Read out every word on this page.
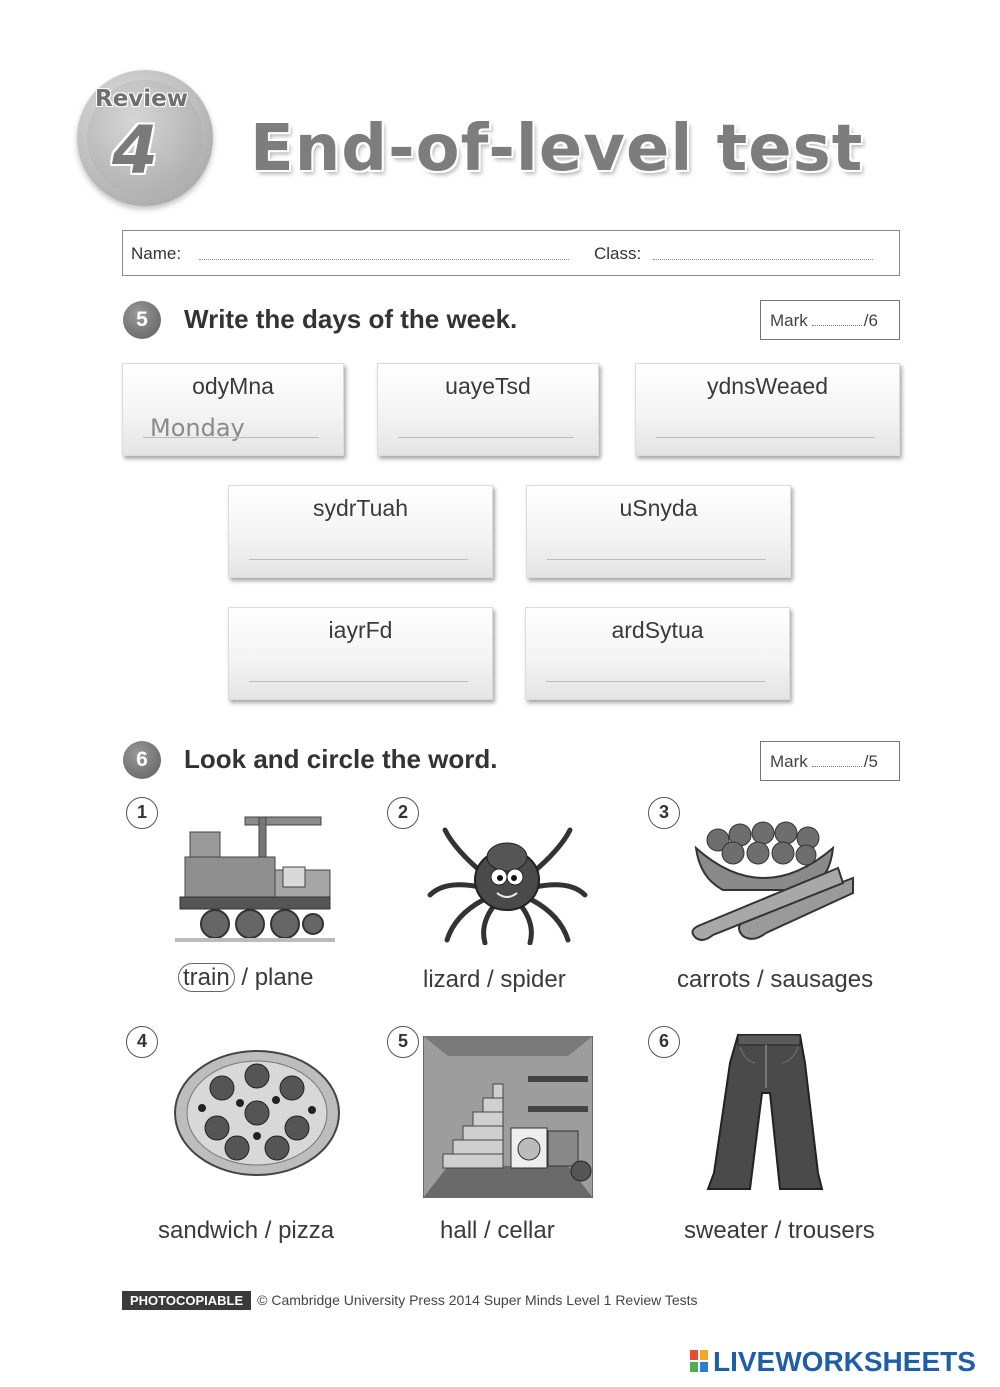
Review
4 End-of-level test
Name:	Class:
5	Write the days of the week.	Mark	/6
odyMna
Monday
uayeTsd	ydnsWeaed
sydrTuah	uSnyda
iayrFd	ardSytua
6	Look and circle the word.	Mark	/5
1
train / plane
2
lizard / spider
3
carrots / sausages
4
sandwich / pizza
5
hall / cellar
6
sweater / trousers
PHOTOCOPIABLE © Cambridge University Press 2014 Super Minds Level 1 Review Tests
LIVEWORKSHEETS
